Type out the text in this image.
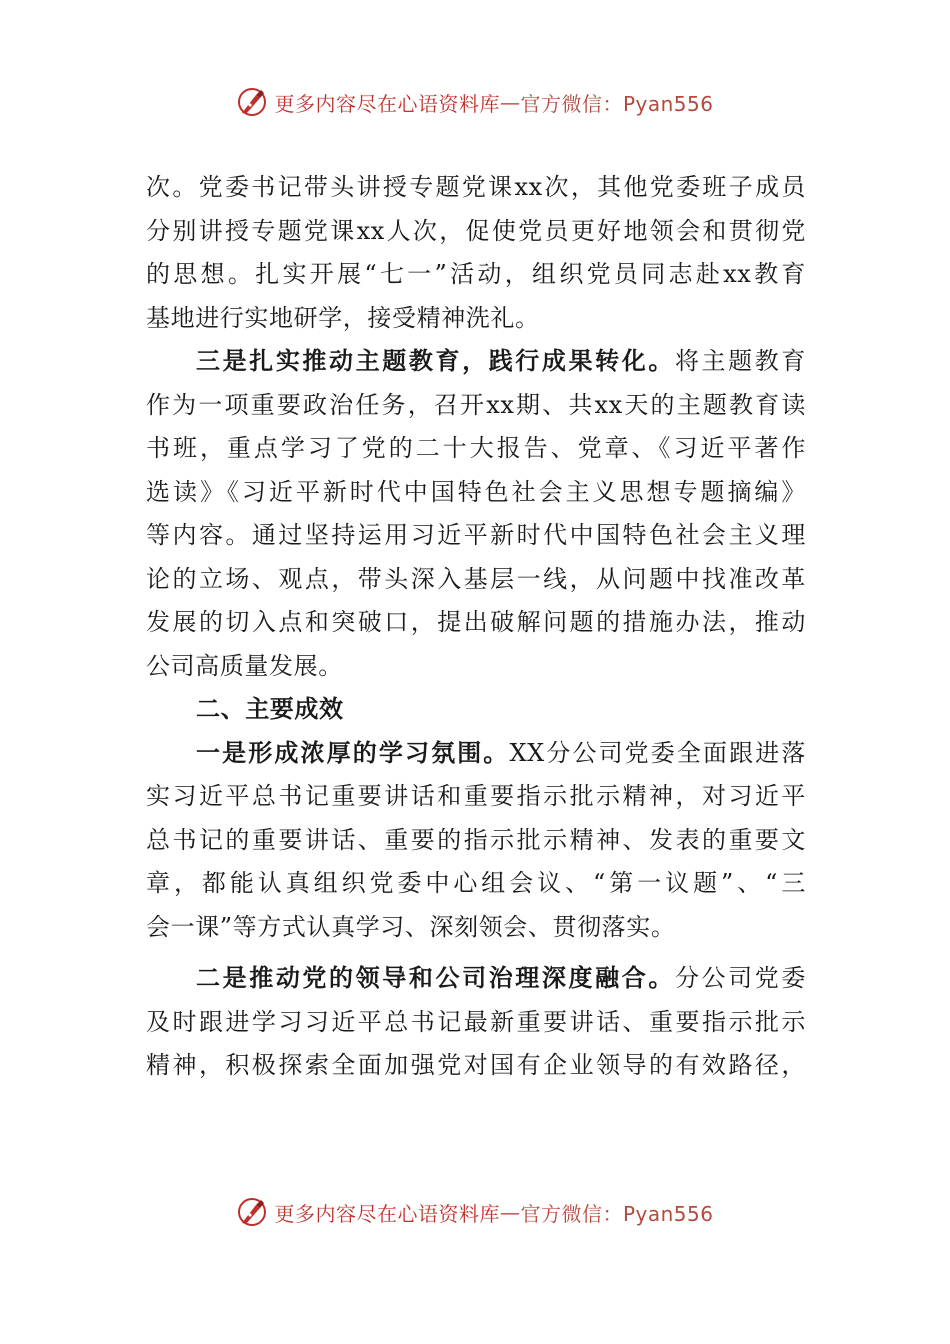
更多内容尽在心语资料库 — 官方微信：Pyan556
次。党委书记带头讲授专题党课xx次，其他党委班子成员
分别讲授专题党课xx人次，促使党员更好地领会和贯彻党
的思想。扎实开展“七一”活动，组织党员同志赴xx教育
基地进行实地研学，接受精神洗礼。
三是扎实推动主题教育，践行成果转化。将主题教育
作为一项重要政治任务，召开xx期、共xx天的主题教育读
书班，重点学习了党的二十大报告、党章、《习近平著作
选读》《习近平新时代中国特色社会主义思想专题摘编》
等内容。通过坚持运用习近平新时代中国特色社会主义理
论的立场、观点，带头深入基层一线，从问题中找准改革
发展的切入点和突破口，提出破解问题的措施办法，推动
公司高质量发展。
二、主要成效
一是形成浓厚的学习氛围。XX分公司党委全面跟进落
实习近平总书记重要讲话和重要指示批示精神，对习近平
总书记的重要讲话、重要的指示批示精神、发表的重要文
章，都能认真组织党委中心组会议、“第一议题”、“三
会一课”等方式认真学习、深刻领会、贯彻落实。
二是推动党的领导和公司治理深度融合。分公司党委
及时跟进学习习近平总书记最新重要讲话、重要指示批示
精神，积极探索全面加强党对国有企业领导的有效路径，
更多内容尽在心语资料库 — 官方微信：Pyan556
